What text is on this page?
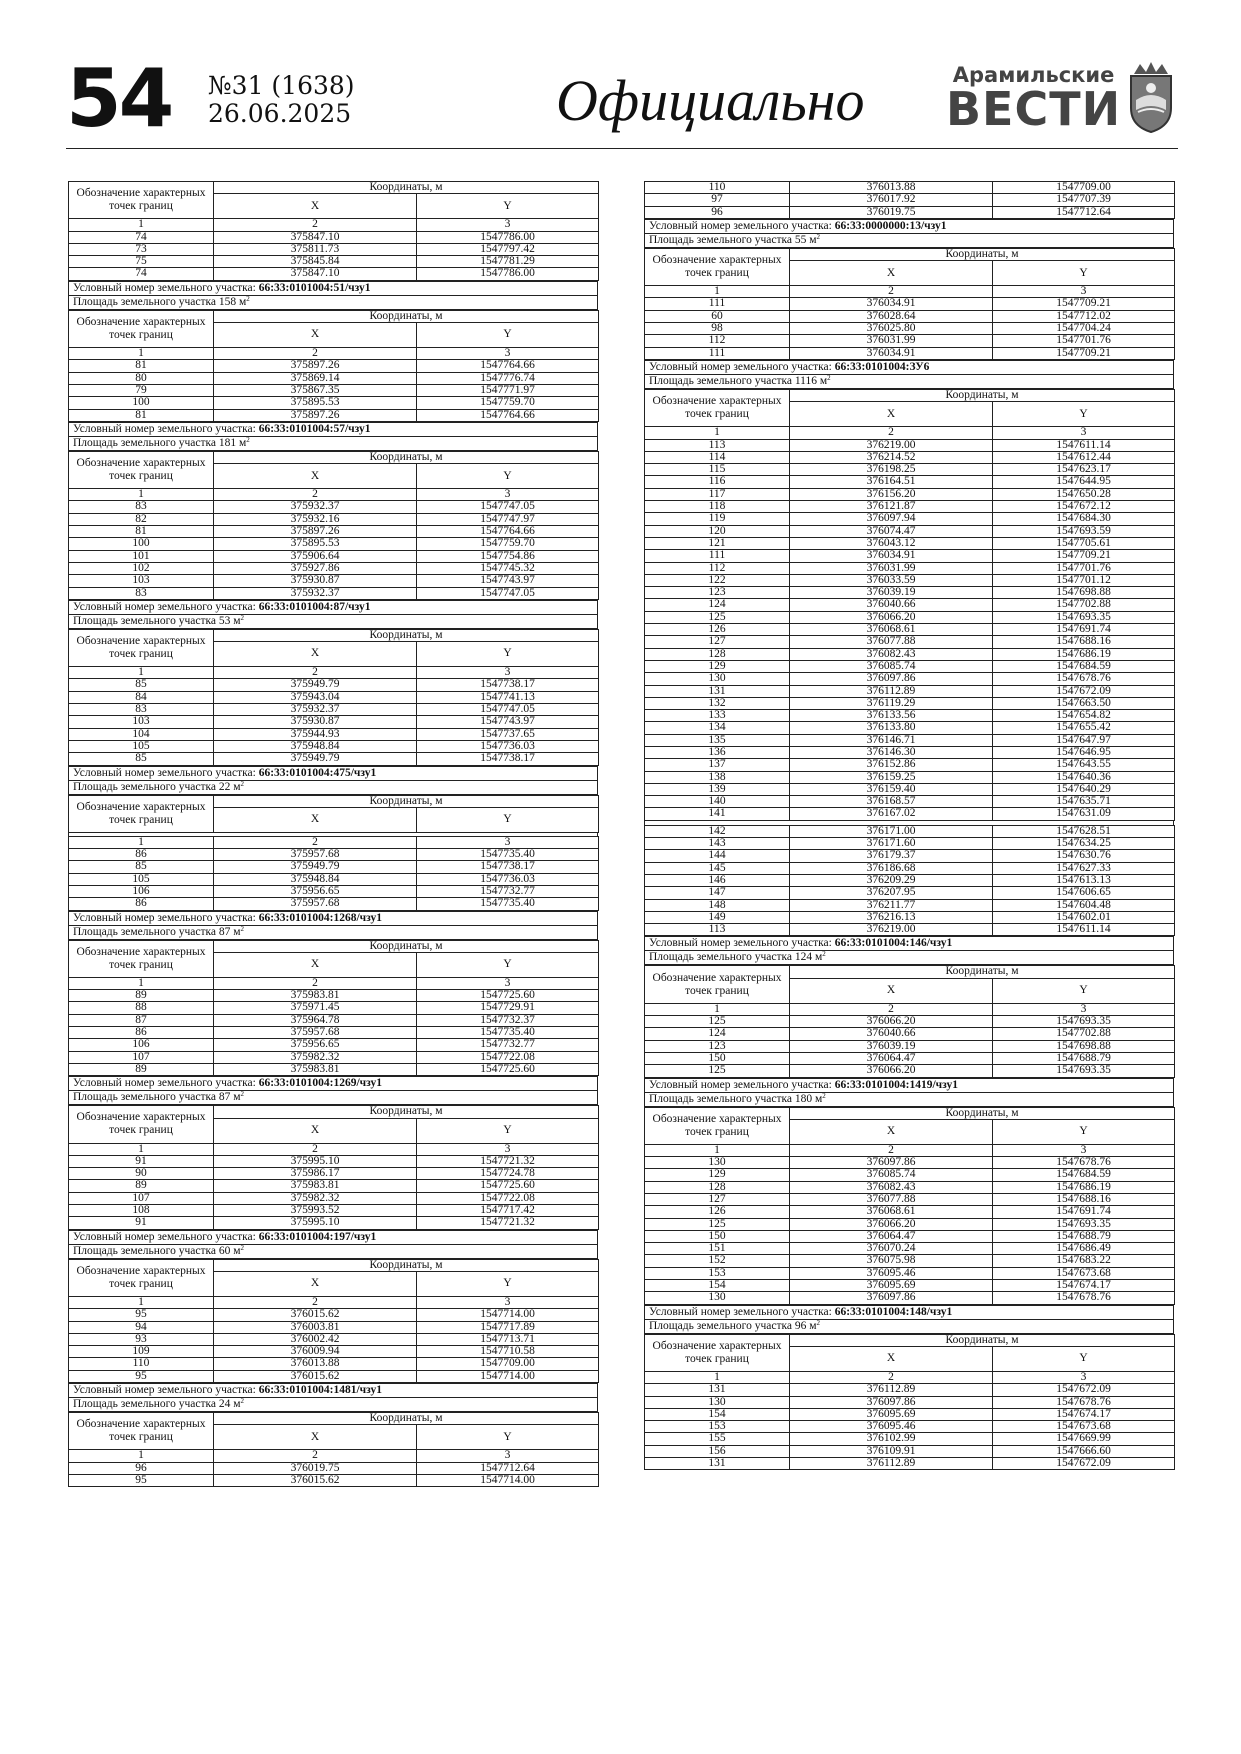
54 №31 (1638)
26.06.2025	Официально	Арамильские
ВЕСТИ
Обозначение характерных точек границ	Координаты, м	
	X	Y
1	2	3
74	375847.10	1547786.00
73	375811.73	1547797.42
75	375845.84	1547781.29
74	375847.10	1547786.00
Условный номер земельного участка: 66:33:0101004:51/чзу1
Площадь земельного участка 158 $м^2$
Обозначение характерных точек границ	Координаты, м	
	X	Y
1	2	3
81	375897.26	1547764.66
80	375869.14	1547776.74
79	375867.35	1547771.97
100	375895.53	1547759.70
81	375897.26	1547764.66
Условный номер земельного участка: 66:33:0101004:57/чзу1
Площадь земельного участка 181 $м^2$
Обозначение характерных точек границ	Координаты, м	
	X	Y
1	2	3
83	375932.37	1547747.05
82	375932.16	1547747.97
81	375897.26	1547764.66
100	375895.53	1547759.70
101	375906.64	1547754.86
102	375927.86	1547745.32
103	375930.87	1547743.97
83	375932.37	1547747.05
Условный номер земельного участка: 66:33:0101004:87/чзу1
Площадь земельного участка 53 $м^2$
Обозначение характерных точек границ	Координаты, м	
	X	Y
1	2	3
85	375949.79	1547738.17
84	375943.04	1547741.13
83	375932.37	1547747.05
103	375930.87	1547743.97
104	375944.93	1547737.65
105	375948.84	1547736.03
85	375949.79	1547738.17
Условный номер земельного участка: 66:33:0101004:475/чзу1
Площадь земельного участка 22 $м^2$
Обозначение характерных точек границ	Координаты, м	
	X	Y
1	2	3
86	375957.68	1547735.40
85	375949.79	1547738.17
105	375948.84	1547736.03
106	375956.65	1547732.77
86	375957.68	1547735.40
Условный номер земельного участка: 66:33:0101004:1268/чзу1
Площадь земельного участка 87 $м^2$
Обозначение характерных точек границ	Координаты, м	
	X	Y
1	2	3
89	375983.81	1547725.60
88	375971.45	1547729.91
87	375964.78	1547732.37
86	375957.68	1547735.40
106	375956.65	1547732.77
107	375982.32	1547722.08
89	375983.81	1547725.60
Условный номер земельного участка: 66:33:0101004:1269/чзу1
Площадь земельного участка 87 $м^2$
Обозначение характерных точек границ	Координаты, м	
	X	Y
1	2	3
91	375995.10	1547721.32
90	375986.17	1547724.78
89	375983.81	1547725.60
107	375982.32	1547722.08
108	375993.52	1547717.42
91	375995.10	1547721.32
Условный номер земельного участка: 66:33:0101004:197/чзу1
Площадь земельного участка 60 $м^2$
Обозначение характерных точек границ	Координаты, м	
	X	Y
1	2	3
95	376015.62	1547714.00
94	376003.81	1547717.89
93	376002.42	1547713.71
109	376009.94	1547710.58
110	376013.88	1547709.00
95	376015.62	1547714.00
Условный номер земельного участка: 66:33:0101004:1481/чзу1
Площадь земельного участка 24 $м^2$
Обозначение характерных точек границ	Координаты, м	
	X	Y
1	2	3
96	376019.75	1547712.64
95	376015.62	1547714.00
110	376013.88	1547709.00
97	376017.92	1547707.39
96	376019.75	1547712.64
Условный номер земельного участка: 66:33:0000000:13/чзу1
Площадь земельного участка 55 $м^2$
Обозначение характерных точек границ	Координаты, м	
	X	Y
1	2	3
111	376034.91	1547709.21
60	376028.64	1547712.02
98	376025.80	1547704.24
112	376031.99	1547701.76
111	376034.91	1547709.21
Условный номер земельного участка: 66:33:0101004:ЗУ6
Площадь земельного участка 1116 $м^2$
Обозначение характерных точек границ	Координаты, м	
	X	Y
1	2	3
113	376219.00	1547611.14
114	376214.52	1547612.44
115	376198.25	1547623.17
116	376164.51	1547644.95
117	376156.20	1547650.28
118	376121.87	1547672.12
119	376097.94	1547684.30
120	376074.47	1547693.59
121	376043.12	1547705.61
111	376034.91	1547709.21
112	376031.99	1547701.76
122	376033.59	1547701.12
123	376039.19	1547698.88
124	376040.66	1547702.88
125	376066.20	1547693.35
126	376068.61	1547691.74
127	376077.88	1547688.16
128	376082.43	1547686.19
129	376085.74	1547684.59
130	376097.86	1547678.76
131	376112.89	1547672.09
132	376119.29	1547663.50
133	376133.56	1547654.82
134	376133.80	1547655.42
135	376146.71	1547647.97
136	376146.30	1547646.95
137	376152.86	1547643.55
138	376159.25	1547640.36
139	376159.40	1547640.29
140	376168.57	1547635.71
141	376167.02	1547631.09
142	376171.00	1547628.51
143	376171.60	1547634.25
144	376179.37	1547630.76
145	376186.68	1547627.33
146	376209.29	1547613.13
147	376207.95	1547606.65
148	376211.77	1547604.48
149	376216.13	1547602.01
113	376219.00	1547611.14
Условный номер земельного участка: 66:33:0101004:146/чзу1
Площадь земельного участка 124 $м^2$
Обозначение характерных точек границ	Координаты, м	
	X	Y
1	2	3
125	376066.20	1547693.35
124	376040.66	1547702.88
123	376039.19	1547698.88
150	376064.47	1547688.79
125	376066.20	1547693.35
Условный номер земельного участка: 66:33:0101004:1419/чзу1
Площадь земельного участка 180 $м^2$
Обозначение характерных точек границ	Координаты, м	
	X	Y
1	2	3
130	376097.86	1547678.76
129	376085.74	1547684.59
128	376082.43	1547686.19
127	376077.88	1547688.16
126	376068.61	1547691.74
125	376066.20	1547693.35
150	376064.47	1547688.79
151	376070.24	1547686.49
152	376075.98	1547683.22
153	376095.46	1547673.68
154	376095.69	1547674.17
130	376097.86	1547678.76
Условный номер земельного участка: 66:33:0101004:148/чзу1
Площадь земельного участка 96 $м^2$
Обозначение характерных точек границ	Координаты, м	
	X	Y
1	2	3
131	376112.89	1547672.09
130	376097.86	1547678.76
154	376095.69	1547674.17
153	376095.46	1547673.68
155	376102.99	1547669.99
156	376109.91	1547666.60
131	376112.89	1547672.09
